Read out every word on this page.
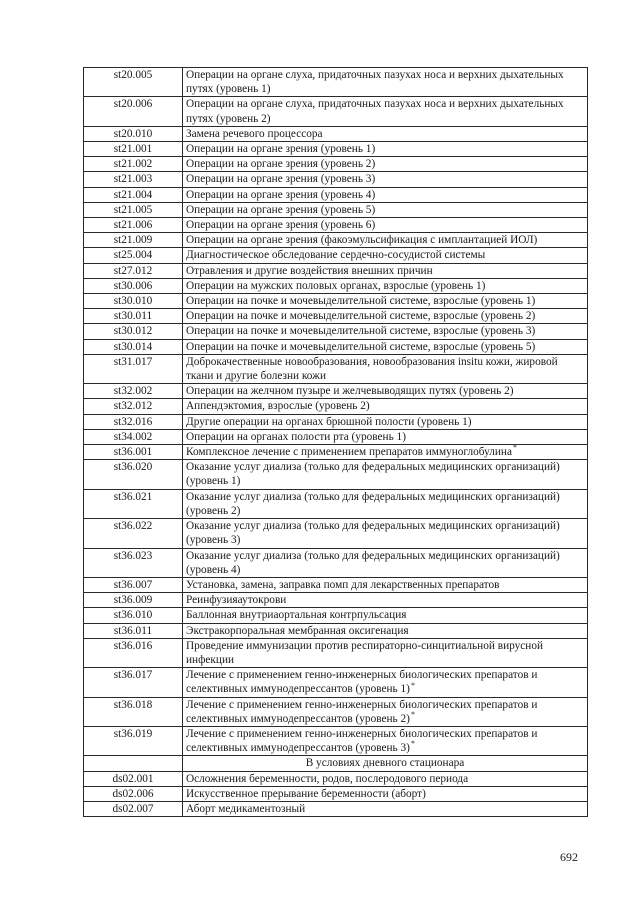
st20.005	Операции на органе слуха, придаточных пазухах носа и верхних дыхательных путях (уровень 1)
st20.006	Операции на органе слуха, придаточных пазухах носа и верхних дыхательных путях (уровень 2)
st20.010	Замена речевого процессора
st21.001	Операции на органе зрения (уровень 1)
st21.002	Операции на органе зрения (уровень 2)
st21.003	Операции на органе зрения (уровень 3)
st21.004	Операции на органе зрения (уровень 4)
st21.005	Операции на органе зрения (уровень 5)
st21.006	Операции на органе зрения (уровень 6)
st21.009	Операции на органе зрения (факоэмульсификация с имплантацией ИОЛ)
st25.004	Диагностическое обследование сердечно-сосудистой системы
st27.012	Отравления и другие воздействия внешних причин
st30.006	Операции на мужских половых органах, взрослые (уровень 1)
st30.010	Операции на почке и мочевыделительной системе, взрослые (уровень 1)
st30.011	Операции на почке и мочевыделительной системе, взрослые (уровень 2)
st30.012	Операции на почке и мочевыделительной системе, взрослые (уровень 3)
st30.014	Операции на почке и мочевыделительной системе, взрослые (уровень 5)
st31.017	Доброкачественные новообразования, новообразования insitu кожи, жировой ткани и другие болезни кожи
st32.002	Операции на желчном пузыре и желчевыводящих путях (уровень 2)
st32.012	Аппендэктомия, взрослые (уровень 2)
st32.016	Другие операции на органах брюшной полости (уровень 1)
st34.002	Операции на органах полости рта (уровень 1)
st36.001	Комплексное лечение с применением препаратов иммуноглобулина*
st36.020	Оказание услуг диализа (только для федеральных медицинских организаций) (уровень 1)
st36.021	Оказание услуг диализа (только для федеральных медицинских организаций) (уровень 2)
st36.022	Оказание услуг диализа (только для федеральных медицинских организаций) (уровень 3)
st36.023	Оказание услуг диализа (только для федеральных медицинских организаций) (уровень 4)
st36.007	Установка, замена, заправка помп для лекарственных препаратов
st36.009	Реинфузияаутокрови
st36.010	Баллонная внутриаортальная контрпульсация
st36.011	Экстракорпоральная мембранная оксигенация
st36.016	Проведение иммунизации против респираторно-синцитиальной вирусной инфекции
st36.017	Лечение с применением генно-инженерных биологических препаратов и селективных иммунодепрессантов (уровень 1)*
st36.018	Лечение с применением генно-инженерных биологических препаратов и селективных иммунодепрессантов (уровень 2)*
st36.019	Лечение с применением генно-инженерных биологических препаратов и селективных иммунодепрессантов (уровень 3)*
	В условиях дневного стационара
ds02.001	Осложнения беременности, родов, послеродового периода
ds02.006	Искусственное прерывание беременности (аборт)
ds02.007	Аборт медикаментозный
692
